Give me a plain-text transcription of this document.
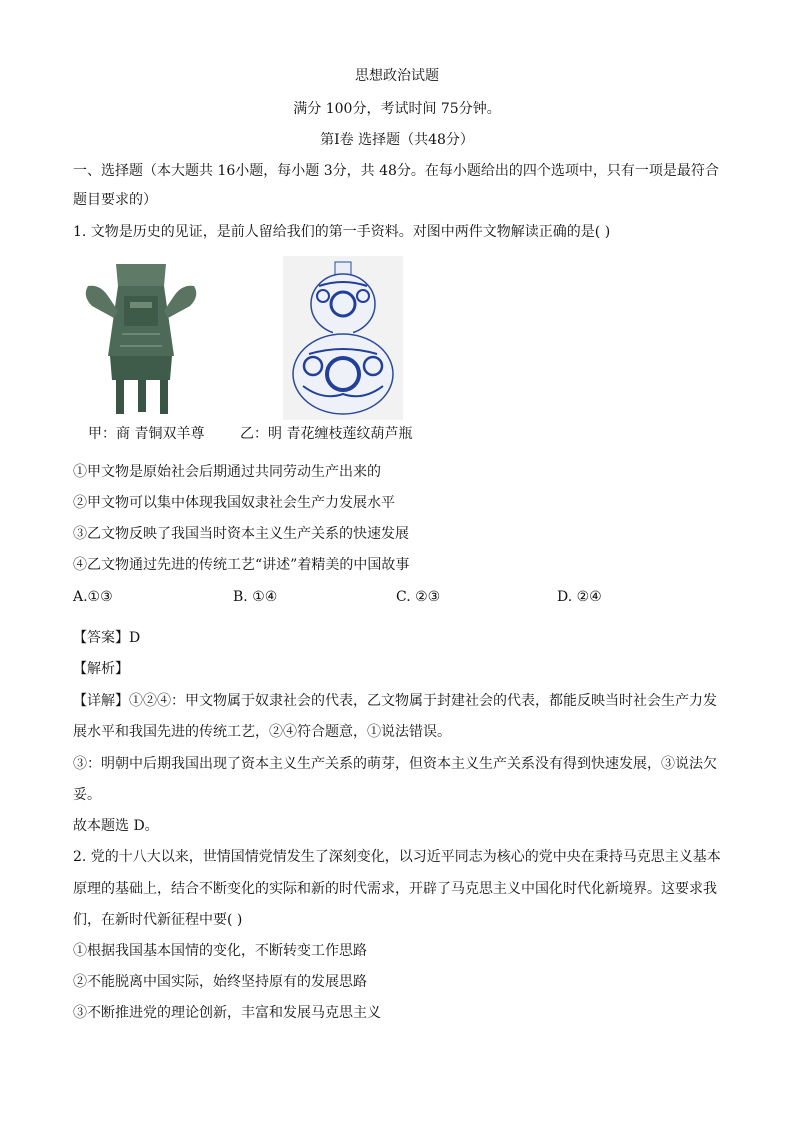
思想政治试题
满分 100分，考试时间 75分钟。
第Ⅰ卷 选择题（共48分）
一、选择题（本大题共 16小题，每小题 3分，共 48分。在每小题给出的四个选项中，只有一项是最符合
题目要求的）
1. 文物是历史的见证，是前人留给我们的第一手资料。对图中两件文物解读正确的是( )
甲：商 青铜双羊尊	乙：明 青花缠枝莲纹葫芦瓶
①甲文物是原始社会后期通过共同劳动生产出来的
②甲文物可以集中体现我国奴隶社会生产力发展水平
③乙文物反映了我国当时资本主义生产关系的快速发展
④乙文物通过先进的传统工艺“讲述”着精美的中国故事
A.①③	B. ①④	C. ②③	D. ②④
【答案】D
【解析】
【详解】①②④：甲文物属于奴隶社会的代表，乙文物属于封建社会的代表，都能反映当时社会生产力发
展水平和我国先进的传统工艺，②④符合题意，①说法错误。
③：明朝中后期我国出现了资本主义生产关系的萌芽，但资本主义生产关系没有得到快速发展，③说法欠
妥。
故本题选 D。
2. 党的十八大以来，世情国情党情发生了深刻变化，以习近平同志为核心的党中央在秉持马克思主义基本
原理的基础上，结合不断变化的实际和新的时代需求，开辟了马克思主义中国化时代化新境界。这要求我
们，在新时代新征程中要( )
①根据我国基本国情的变化，不断转变工作思路
②不能脱离中国实际，始终坚持原有的发展思路
③不断推进党的理论创新，丰富和发展马克思主义
